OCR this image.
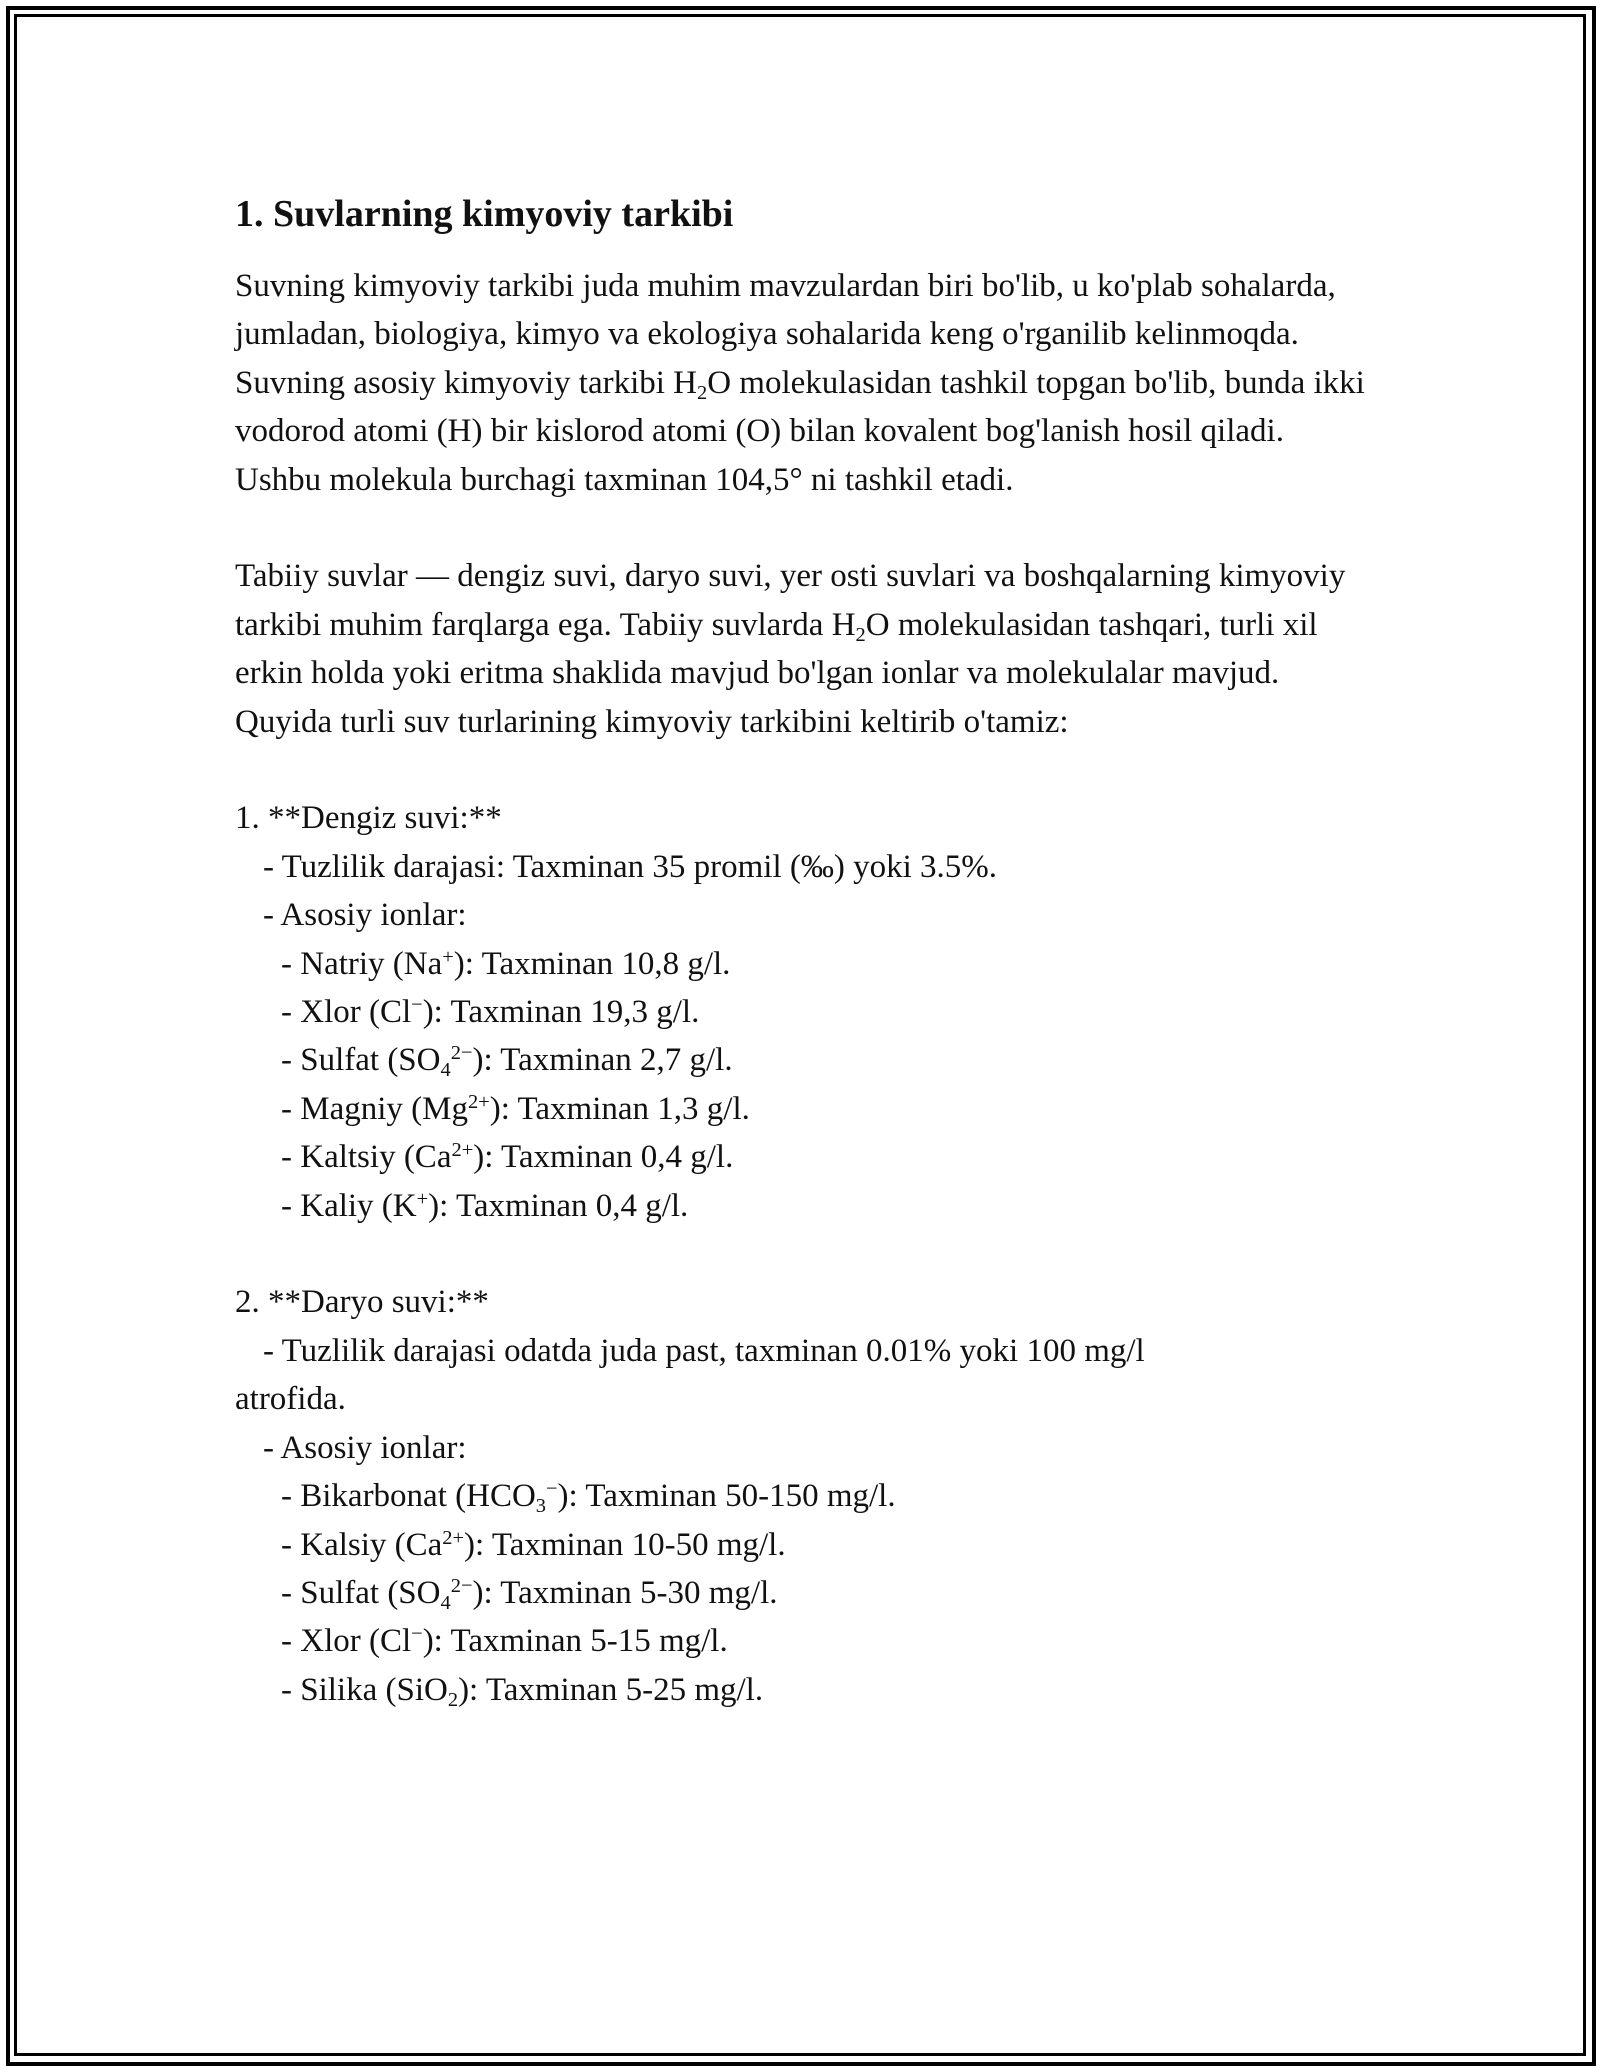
1. Suvlarning kimyoviy tarkibi

Suvning kimyoviy tarkibi juda muhim mavzulardan biri bo'lib, u ko'plab sohalarda, jumladan, biologiya, kimyo va ekologiya sohalarida keng o'rganilib kelinmoqda. Suvning asosiy kimyoviy tarkibi $H_2O$ molekulasidan tashkil topgan bo'lib, bunda ikki vodorod atomi (H) bir kislorod atomi (O) bilan kovalent bog'lanish hosil qiladi. Ushbu molekula burchagi taxminan 104,5° ni tashkil etadi.

Tabiiy suvlar — dengiz suvi, daryo suvi, yer osti suvlari va boshqalarning kimyoviy tarkibi muhim farqlarga ega. Tabiiy suvlarda $H_2O$ molekulasidan tashqari, turli xil erkin holda yoki eritma shaklida mavjud bo'lgan ionlar va molekulalar mavjud. Quyida turli suv turlarining kimyoviy tarkibini keltirib o'tamiz:

1. **Dengiz suvi:**
- Tuzlilik darajasi: Taxminan 35 promil (‰) yoki 3.5%.
- Asosiy ionlar:
- Natriy (Na+): Taxminan 10,8 g/l.
- Xlor (Cl−): Taxminan 19,3 g/l.
- Sulfat $(SO_4^{2-})$: Taxminan 2,7 g/l.
- Magniy $(Mg^{2+})$: Taxminan 1,3 g/l.
- Kaltsiy $(Ca^{2+})$: Taxminan 0,4 g/l.
- Kaliy (K+): Taxminan 0,4 g/l.
2. **Daryo suvi:**
- Tuzlilik darajasi odatda juda past, taxminan 0.01% yoki 100 mg/l
atrofida.
- Asosiy ionlar:
- Bikarbonat $(HCO_3^-)$: Taxminan 50-150 mg/l.
- Kalsiy $(Ca^{2+})$: Taxminan 10-50 mg/l.
- Sulfat $(SO_4^{2-})$: Taxminan 5-30 mg/l.
- Xlor (Cl−): Taxminan 5-15 mg/l.
- Silika (SiO$_2$): Taxminan 5-25 mg/l.
